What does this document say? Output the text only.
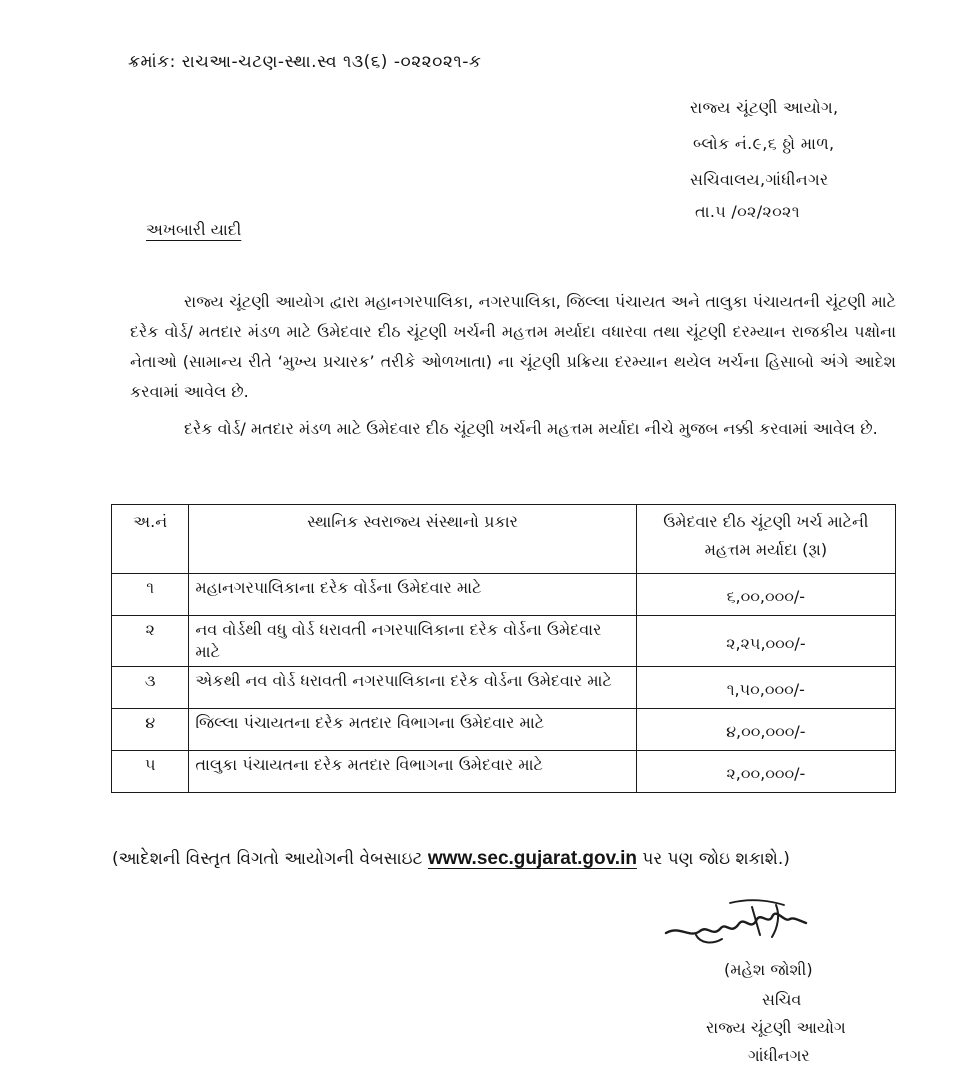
ક્રમાંક: રાચઆ-ચટણ-સ્થા.સ્વ ૧૩(૬) -૦૨૨૦૨૧-ક
રાજ્ય ચૂંટણી આયોગ,
બ્લોક નં.૯,૬ ઠ્ઠો માળ,
સચિવાલય,ગાંધીનગર
તા.૫ /૦૨/૨૦૨૧
અખબારી યાદી
રાજ્ય ચૂંટણી આયોગ દ્વારા મહાનગરપાલિકા, નગરપાલિકા, જિલ્લા પંચાયત અને તાલુકા પંચાયતની ચૂંટણી માટે દરેક વોર્ડ/ મતદાર મંડળ માટે ઉમેદવાર દીઠ ચૂંટણી ખર્ચની મહત્તમ મર્યાદા વધારવા તથા ચૂંટણી દરમ્યાન રાજકીય પક્ષોના નેતાઓ (સામાન્ય રીતે ‘મુખ્ય પ્રચારક’ તરીકે ઓળખાતા) ના ચૂંટણી પ્રક્રિયા દરમ્યાન થયેલ ખર્ચના હિસાબો અંગે આદેશ કરવામાં આવેલ છે.
દરેક વોર્ડ/ મતદાર મંડળ માટે ઉમેદવાર દીઠ ચૂંટણી ખર્ચની મહત્તમ મર્યાદા નીચે મુજબ નક્કી કરવામાં આવેલ છે.
અ.નં	સ્થાનિક સ્વરાજ્ય સંસ્થાનો પ્રકાર	ઉમેદવાર દીઠ ચૂંટણી ખર્ચ માટેની મહત્તમ મર્યાદા (રૂા)
૧	મહાનગરપાલિકાના દરેક વોર્ડના ઉમેદવાર માટે	૬,૦૦,૦૦૦/-
૨	નવ વોર્ડથી વધુ વોર્ડ ધરાવતી નગરપાલિકાના દરેક વોર્ડના ઉમેદવાર માટે	૨,૨૫,૦૦૦/-
૩	એકથી નવ વોર્ડ ધરાવતી નગરપાલિકાના દરેક વોર્ડના ઉમેદવાર માટે	૧,૫૦,૦૦૦/-
૪	જિલ્લા પંચાયતના દરેક મતદાર વિભાગના ઉમેદવાર માટે	૪,૦૦,૦૦૦/-
૫	તાલુકા પંચાયતના દરેક મતદાર વિભાગના ઉમેદવાર માટે	૨,૦૦,૦૦૦/-
(આદેશની વિસ્તૃત વિગતો આયોગની વેબસાઇટ www.sec.gujarat.gov.in પર પણ જોઇ શકાશે.)
(મહેશ જોશી)
સચિવ
રાજ્ય ચૂંટણી આયોગ
ગાંધીનગર
